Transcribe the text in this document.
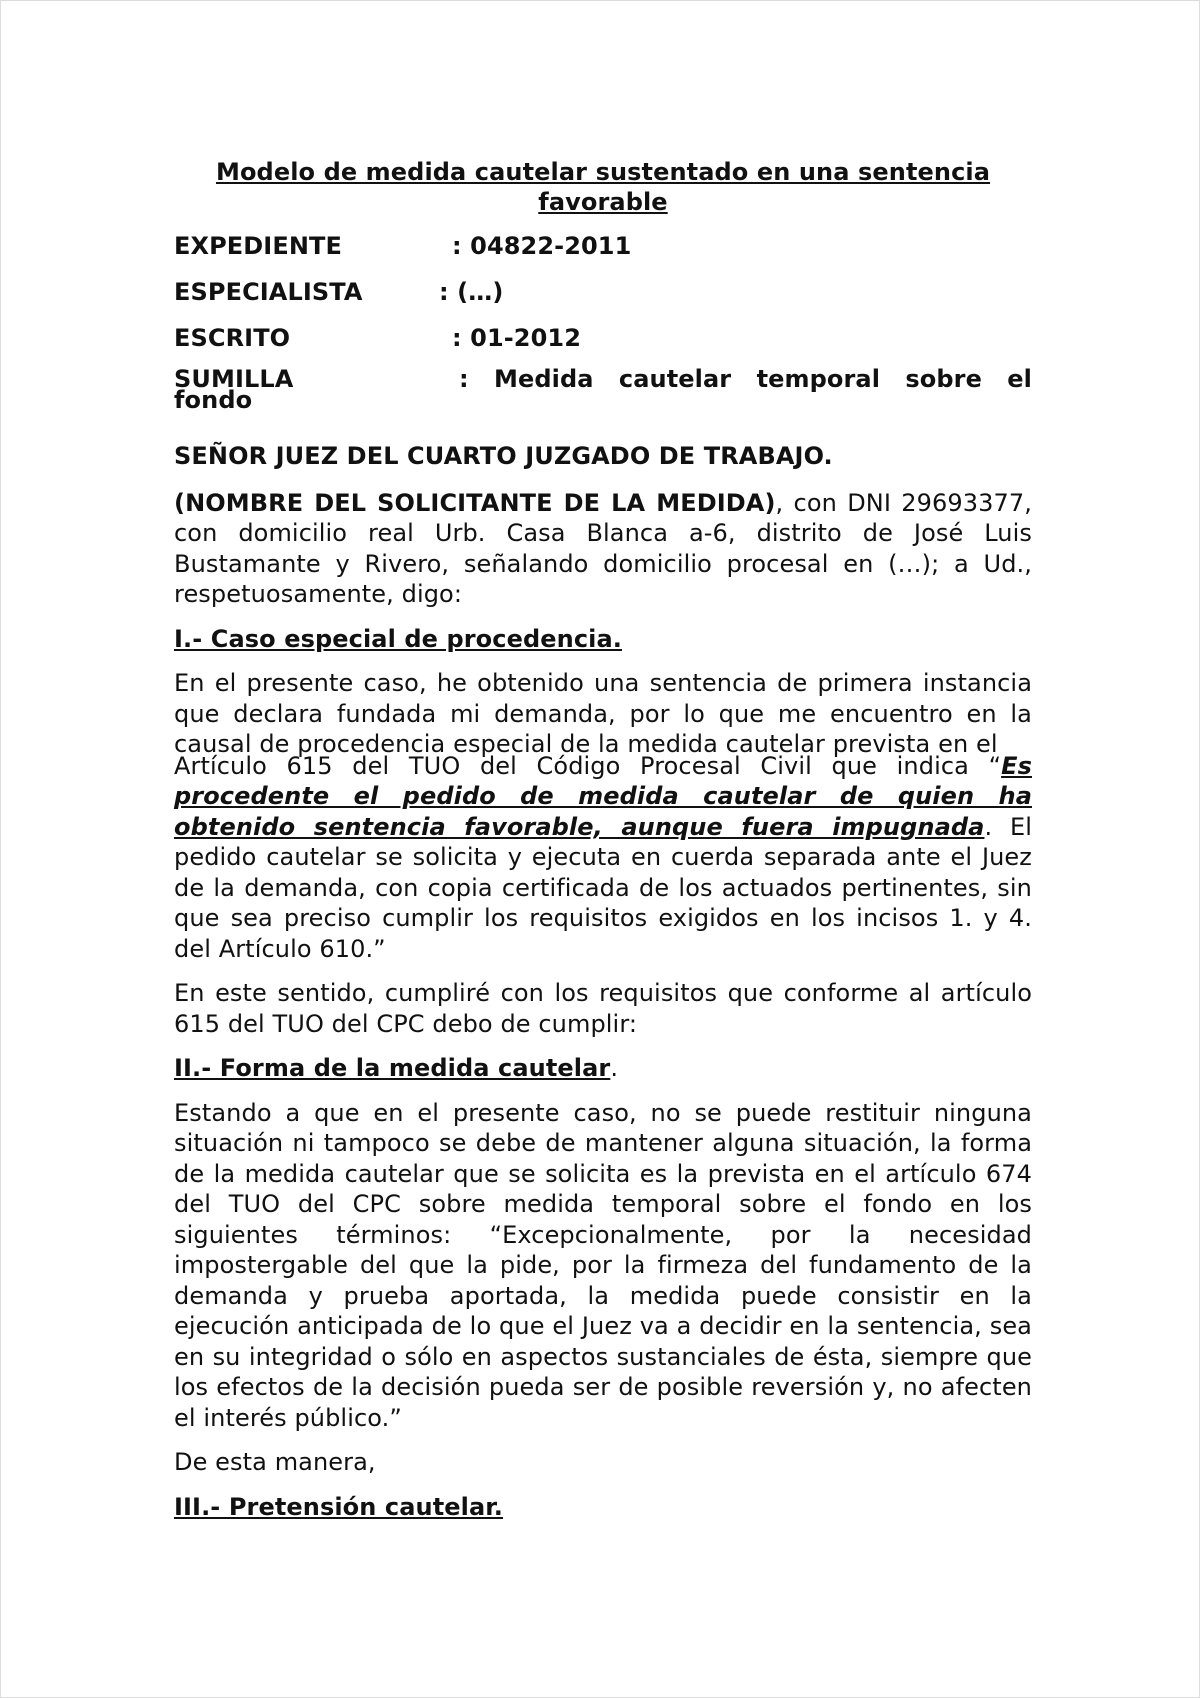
Modelo de medida cautelar sustentado en una sentencia favorable
EXPEDIENTE	: 04822-2011
ESPECIALISTA	: (…)
ESCRITO	: 01-2012
SUMILLA	: Medida cautelar temporal sobre el
fondo
SEÑOR JUEZ DEL CUARTO JUZGADO DE TRABAJO.

(NOMBRE DEL SOLICITANTE DE LA MEDIDA), con DNI 29693377, con domicilio real Urb. Casa Blanca a-6, distrito de José Luis Bustamante y Rivero, señalando domicilio procesal en (…); a Ud., respetuosamente, digo:

I.- Caso especial de procedencia.

En el presente caso, he obtenido una sentencia de primera instancia que declara fundada mi demanda, por lo que me encuentro en la causal de procedencia especial de la medida cautelar prevista en el

Artículo 615 del TUO del Código Procesal Civil que indica “Es procedente el pedido de medida cautelar de quien ha obtenido sentencia favorable, aunque fuera impugnada. El pedido cautelar se solicita y ejecuta en cuerda separada ante el Juez de la demanda, con copia certificada de los actuados pertinentes, sin que sea preciso cumplir los requisitos exigidos en los incisos 1. y 4. del Artículo 610.”

En este sentido, cumpliré con los requisitos que conforme al artículo 615 del TUO del CPC debo de cumplir:

II.- Forma de la medida cautelar.

Estando a que en el presente caso, no se puede restituir ninguna situación ni tampoco se debe de mantener alguna situación, la forma de la medida cautelar que se solicita es la prevista en el artículo 674 del TUO del CPC sobre medida temporal sobre el fondo en los siguientes términos: “Excepcionalmente, por la necesidad impostergable del que la pide, por la firmeza del fundamento de la demanda y prueba aportada, la medida puede consistir en la ejecución anticipada de lo que el Juez va a decidir en la sentencia, sea en su integridad o sólo en aspectos sustanciales de ésta, siempre que los efectos de la decisión pueda ser de posible reversión y, no afecten el interés público.”

De esta manera,

III.- Pretensión cautelar.
